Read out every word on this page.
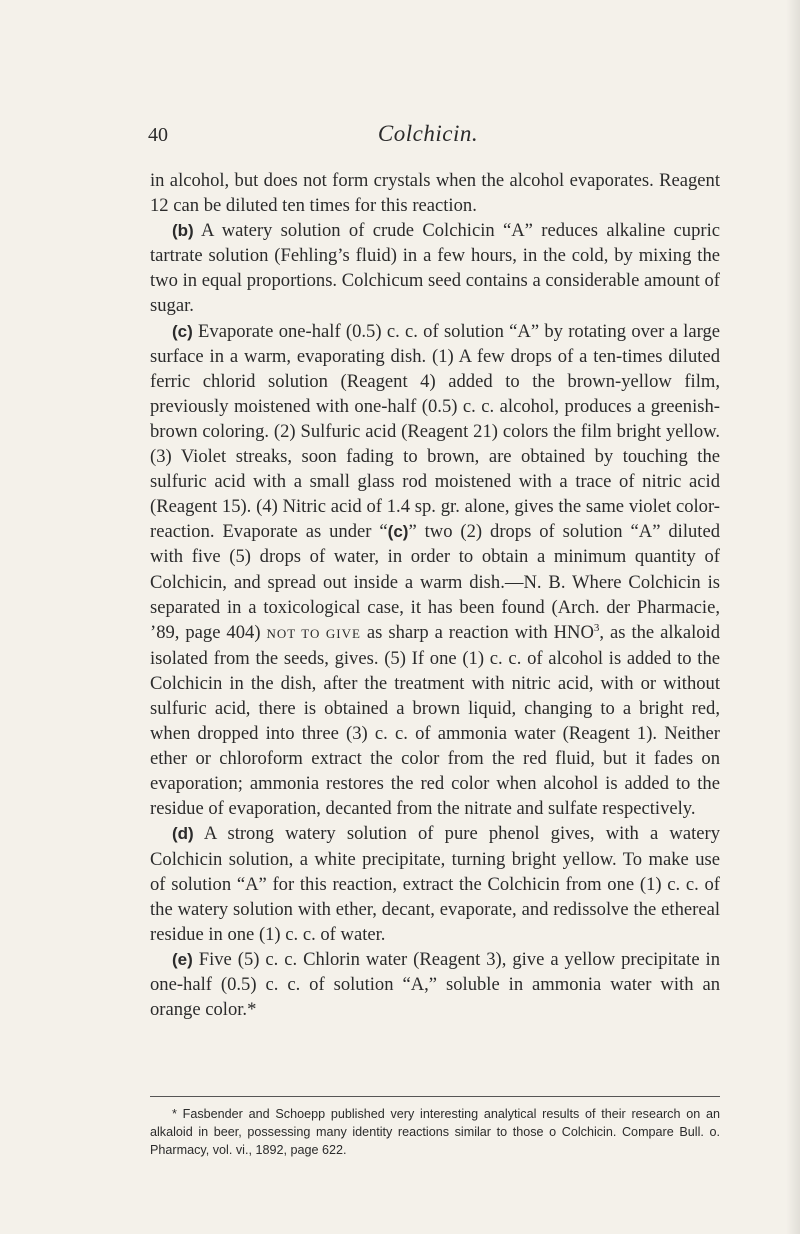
40	Colchicin.

in alcohol, but does not form crystals when the alcohol evaporates. Reagent 12 can be diluted ten times for this reaction.

(b) A watery solution of crude Colchicin “A” reduces alkaline cupric tartrate solution (Fehling’s fluid) in a few hours, in the cold, by mixing the two in equal proportions. Colchicum seed contains a considerable amount of sugar.

(c) Evaporate one-half (0.5) c. c. of solution “A” by rotating over a large surface in a warm, evaporating dish. (1) A few drops of a ten-times diluted ferric chlorid solution (Reagent 4) added to the brown-yellow film, previously moistened with one-half (0.5) c. c. alcohol, produces a greenish-brown coloring. (2) Sulfuric acid (Reagent 21) colors the film bright yellow. (3) Violet streaks, soon fading to brown, are obtained by touching the sulfuric acid with a small glass rod moistened with a trace of nitric acid (Reagent 15). (4) Nitric acid of 1.4 sp. gr. alone, gives the same violet color-reaction. Evaporate as under “(c)” two (2) drops of solution “A” diluted with five (5) drops of water, in order to obtain a minimum quantity of Colchicin, and spread out inside a warm dish.—N. B. Where Colchicin is separated in a toxicological case, it has been found (Arch. der Pharmacie, ’89, page 404) NOT TO GIVE as sharp a reaction with HNO$^3$, as the alkaloid isolated from the seeds, gives. (5) If one (1) c. c. of alcohol is added to the Colchicin in the dish, after the treatment with nitric acid, with or without sulfuric acid, there is obtained a brown liquid, changing to a bright red, when dropped into three (3) c. c. of ammonia water (Reagent 1). Neither ether or chloroform extract the color from the red fluid, but it fades on evaporation; ammonia restores the red color when alcohol is added to the residue of evaporation, decanted from the nitrate and sulfate respectively.

(d) A strong watery solution of pure phenol gives, with a watery Colchicin solution, a white precipitate, turning bright yellow. To make use of solution “A” for this reaction, extract the Colchicin from one (1) c. c. of the watery solution with ether, decant, evaporate, and redissolve the ethereal residue in one (1) c. c. of water.

(e) Five (5) c. c. Chlorin water (Reagent 3), give a yellow precipitate in one-half (0.5) c. c. of solution “A,” soluble in ammonia water with an orange color.*

* Fasbender and Schoepp published very interesting analytical results of their research on an alkaloid in beer, possessing many identity reactions similar to those o Colchicin. Compare Bull. o. Pharmacy, vol. vi., 1892, page 622.
